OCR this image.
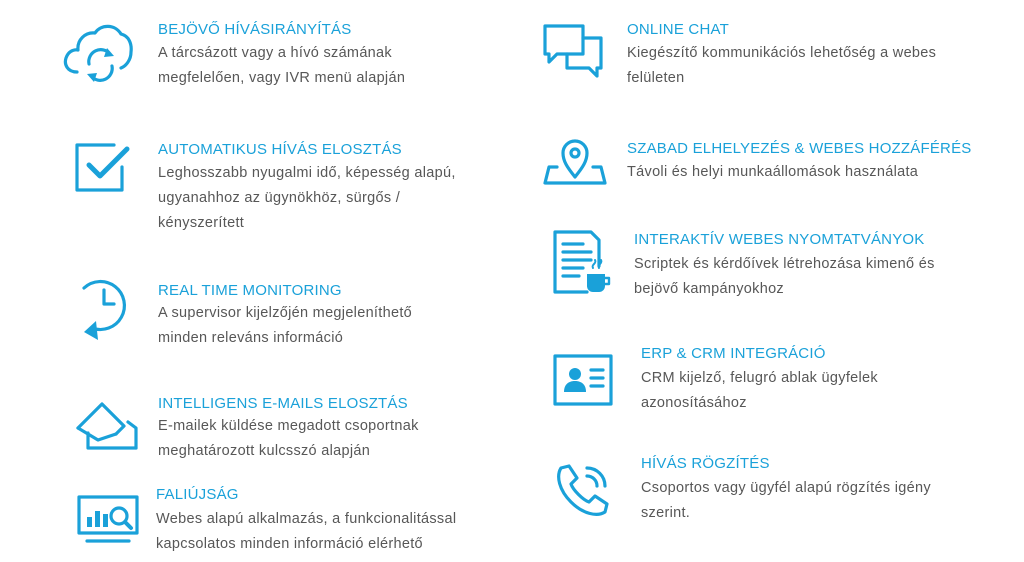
BEJÖVŐ HÍVÁSIRÁNYÍTÁS
A tárcsázott vagy a hívó számának megfelelően, vagy IVR menü alapján
AUTOMATIKUS HÍVÁS ELOSZTÁS
Leghosszabb nyugalmi idő, képesség alapú, ugyanahhoz az ügynökhöz, sürgős / kényszerített
REAL TIME MONITORING
A supervisor kijelzőjén megjeleníthető minden releváns információ
INTELLIGENS E-MAILS ELOSZTÁS
E-mailek küldése megadott csoportnak meghatározott kulcsszó alapján
FALIÚJSÁG
Webes alapú alkalmazás, a funkcionalitással kapcsolatos minden információ elérhető
ONLINE CHAT
Kiegészítő kommunikációs lehetőség a webes felületen
SZABAD ELHELYEZÉS & WEBES HOZZÁFÉRÉS
Távoli és helyi munkaállomások használata
INTERAKTÍV WEBES NYOMTATVÁNYOK
Scriptek és kérdőívek létrehozása kimenő és bejövő kampányokhoz
ERP & CRM INTEGRÁCIÓ
CRM kijelző, felugró ablak ügyfelek azonosításához
HÍVÁS RÖGZÍTÉS
Csoportos vagy ügyfél alapú rögzítés igény szerint.
